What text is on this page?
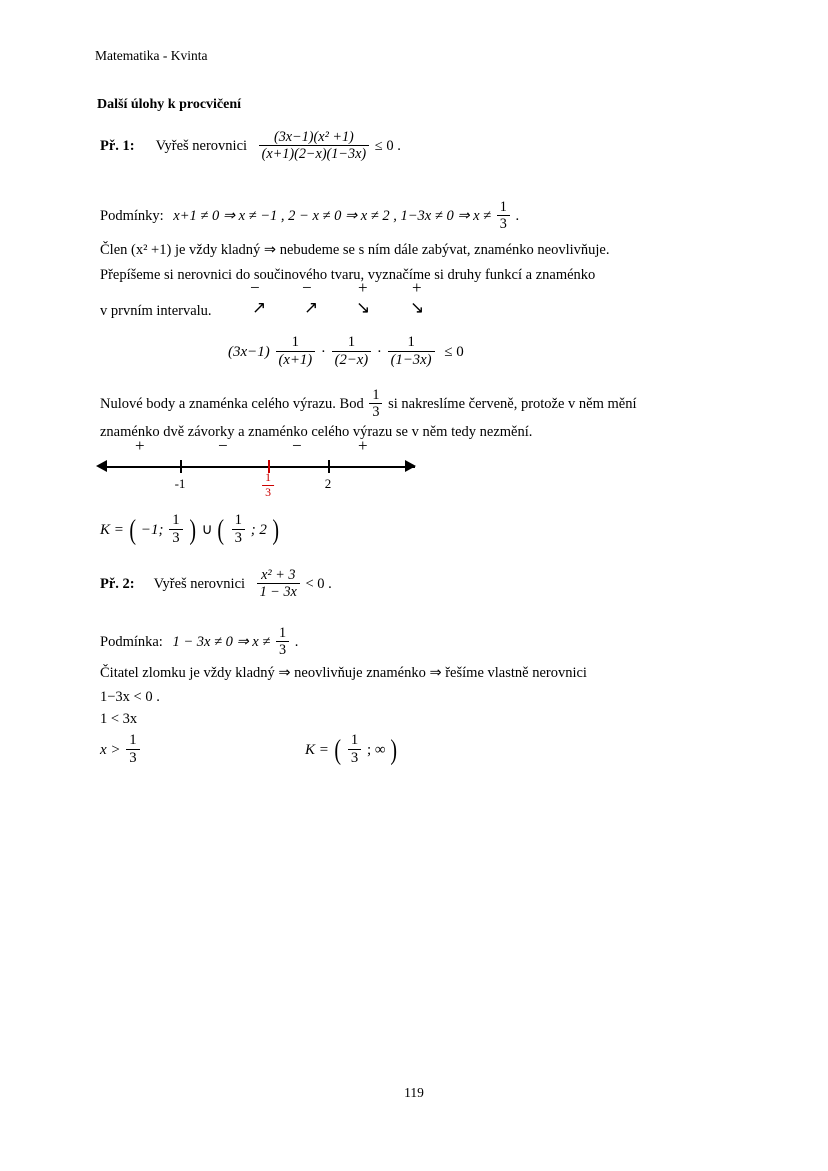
Matematika - Kvinta
Další úlohy k procvičení
Př. 1: Vyřeš nerovnici $\frac{\text{(3x−1)(x² +1)}}{(x+1)(2-x)(1-3x)} \le 0$ .
Podmínky: x+1 ≠ 0 ⇒ x ≠ −1 , 2 − x ≠ 0 ⇒ x ≠ 2 , 1−3x ≠ 0 ⇒ $x \ne \frac{1}{3}$ .
Člen (x² +1) je vždy kladný ⇒ nebudeme se s ním dále zabývat, znaménko neovlivňuje.
Přepíšeme si nerovnici do součinového tvaru, vyznačíme si druhy funkcí a znaménko
v prvním intervalu.
− −	+	+
↗ ↗ ↘ ↘
$(3x-1) \frac{1}{(x+1)} \cdot \frac{1}{(2-x)} \cdot \frac{1}{(1-3x)} \le 0$
Nulové body a znaménka celého výrazu. Bod $\frac{1}{3}$ si nakreslíme červeně, protože v něm mění
znaménko dvě závorky a znaménko celého výrazu se v něm tedy nezmění.
+	−	−	+
-1	$\frac{1}{3}$	2
K = ( −1; $\frac{1}{3}$ ) ∪ ( $\frac{1}{3}$ ; 2 )
Př. 2: Vyřeš nerovnici $\frac{\text{x² + 3}}{1 - 3x} < 0$ .
Podmínka: 1 − 3x ≠ 0 ⇒ $x \ne \frac{1}{3}$ .
Čitatel zlomku je vždy kladný ⇒ neovlivňuje znaménko ⇒ řešíme vlastně nerovnici
1−3x < 0 .
1 < 3x
$x > \frac{1}{3}$	K = ( $\frac{1}{3}$ ; ∞ )
119
